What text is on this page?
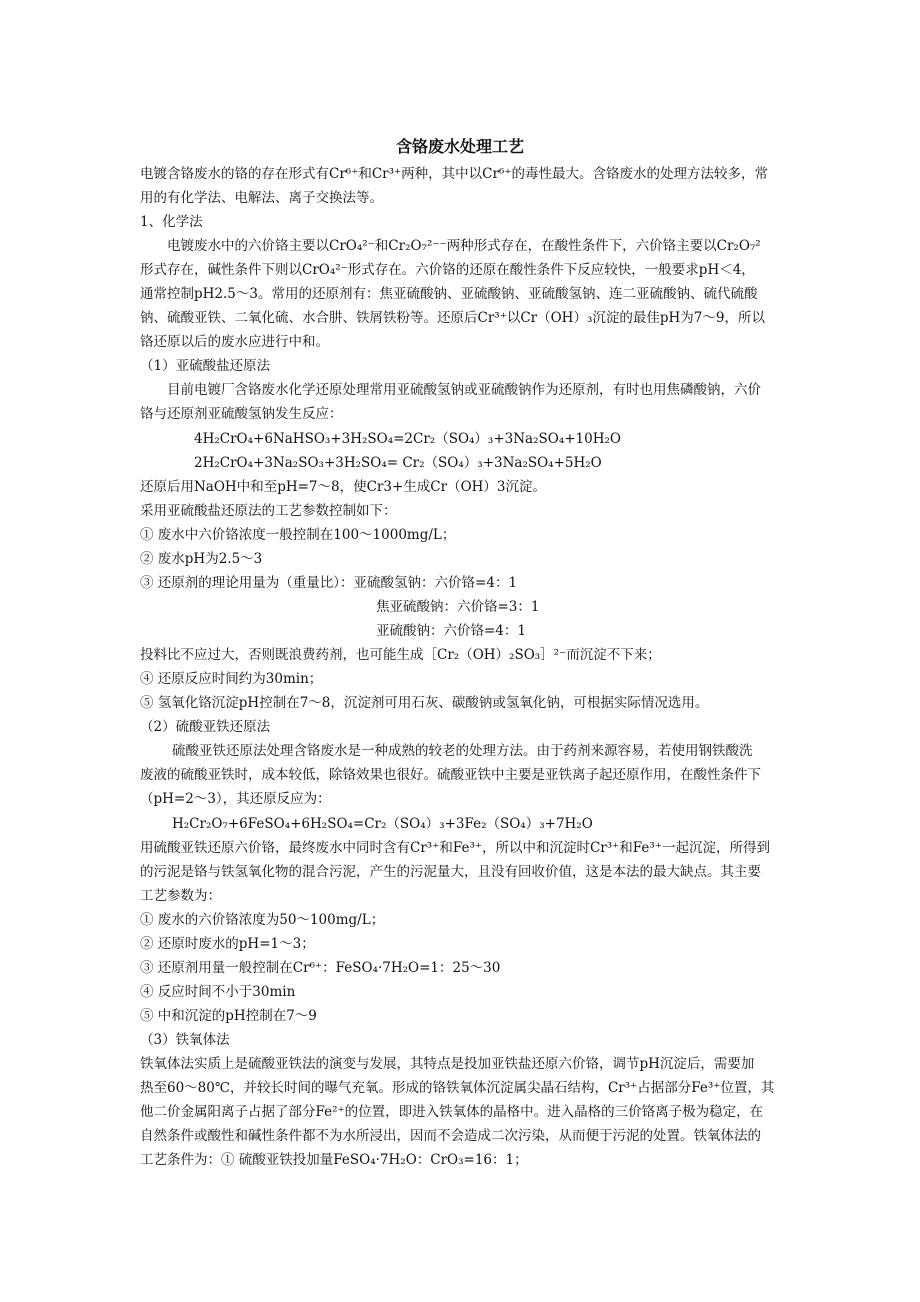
含铬废水处理工艺
电镀含铬废水的铬的存在形式有Cr⁶⁺和Cr³⁺两种，其中以Cr⁶⁺的毒性最大。含铬废水的处理方法较多，常
用的有化学法、电解法、离子交换法等。
1、化学法
电镀废水中的六价铬主要以CrO₄²⁻和Cr₂O₇²⁻⁻两种形式存在，在酸性条件下，六价铬主要以Cr₂O₇²
形式存在，碱性条件下则以CrO₄²⁻形式存在。六价铬的还原在酸性条件下反应较快，一般要求pH＜4，
通常控制pH2.5～3。常用的还原剂有：焦亚硫酸钠、亚硫酸钠、亚硫酸氢钠、连二亚硫酸钠、硫代硫酸
钠、硫酸亚铁、二氧化硫、水合肼、铁屑铁粉等。还原后Cr³⁺以Cr（OH）₃沉淀的最佳pH为7～9，所以
铬还原以后的废水应进行中和。
（1）亚硫酸盐还原法
目前电镀厂含铬废水化学还原处理常用亚硫酸氢钠或亚硫酸钠作为还原剂，有时也用焦磷酸钠，六价
铬与还原剂亚硫酸氢钠发生反应：
4H₂CrO₄+6NaHSO₃+3H₂SO₄=2Cr₂（SO₄）₃+3Na₂SO₄+10H₂O
2H₂CrO₄+3Na₂SO₃+3H₂SO₄= Cr₂（SO₄）₃+3Na₂SO₄+5H₂O
还原后用NaOH中和至pH=7～8，使Cr3+生成Cr（OH）3沉淀。
采用亚硫酸盐还原法的工艺参数控制如下：
① 废水中六价铬浓度一般控制在100～1000mg/L；
② 废水pH为2.5～3
③ 还原剂的理论用量为（重量比）：亚硫酸氢钠：六价铬=4：1
焦亚硫酸钠：六价铬=3：1
亚硫酸钠：六价铬=4：1
投料比不应过大，否则既浪费药剂，也可能生成［Cr₂（OH）₂SO₃］²⁻而沉淀不下来；
④ 还原反应时间约为30min；
⑤ 氢氧化铬沉淀pH控制在7～8，沉淀剂可用石灰、碳酸钠或氢氧化钠，可根据实际情况选用。
（2）硫酸亚铁还原法
硫酸亚铁还原法处理含铬废水是一种成熟的较老的处理方法。由于药剂来源容易，若使用钢铁酸洗
废液的硫酸亚铁时，成本较低，除铬效果也很好。硫酸亚铁中主要是亚铁离子起还原作用，在酸性条件下
（pH=2～3），其还原反应为：
H₂Cr₂O₇+6FeSO₄+6H₂SO₄=Cr₂（SO₄）₃+3Fe₂（SO₄）₃+7H₂O
用硫酸亚铁还原六价铬，最终废水中同时含有Cr³⁺和Fe³⁺，所以中和沉淀时Cr³⁺和Fe³⁺一起沉淀，所得到
的污泥是铬与铁氢氧化物的混合污泥，产生的污泥量大，且没有回收价值，这是本法的最大缺点。其主要
工艺参数为：
① 废水的六价铬浓度为50～100mg/L；
② 还原时废水的pH=1～3；
③ 还原剂用量一般控制在Cr⁶⁺：FeSO₄·7H₂O=1：25～30
④ 反应时间不小于30min
⑤ 中和沉淀的pH控制在7～9
（3）铁氧体法
铁氧体法实质上是硫酸亚铁法的演变与发展，其特点是投加亚铁盐还原六价铬，调节pH沉淀后，需要加
热至60～80℃，并较长时间的曝气充氧。形成的铬铁氧体沉淀属尖晶石结构，Cr³⁺占据部分Fe³⁺位置，其
他二价金属阳离子占据了部分Fe²⁺的位置，即进入铁氧体的晶格中。进入晶格的三价铬离子极为稳定，在
自然条件或酸性和碱性条件都不为水所浸出，因而不会造成二次污染，从而便于污泥的处置。铁氧体法的
工艺条件为：① 硫酸亚铁投加量FeSO₄·7H₂O：CrO₃=16：1；
